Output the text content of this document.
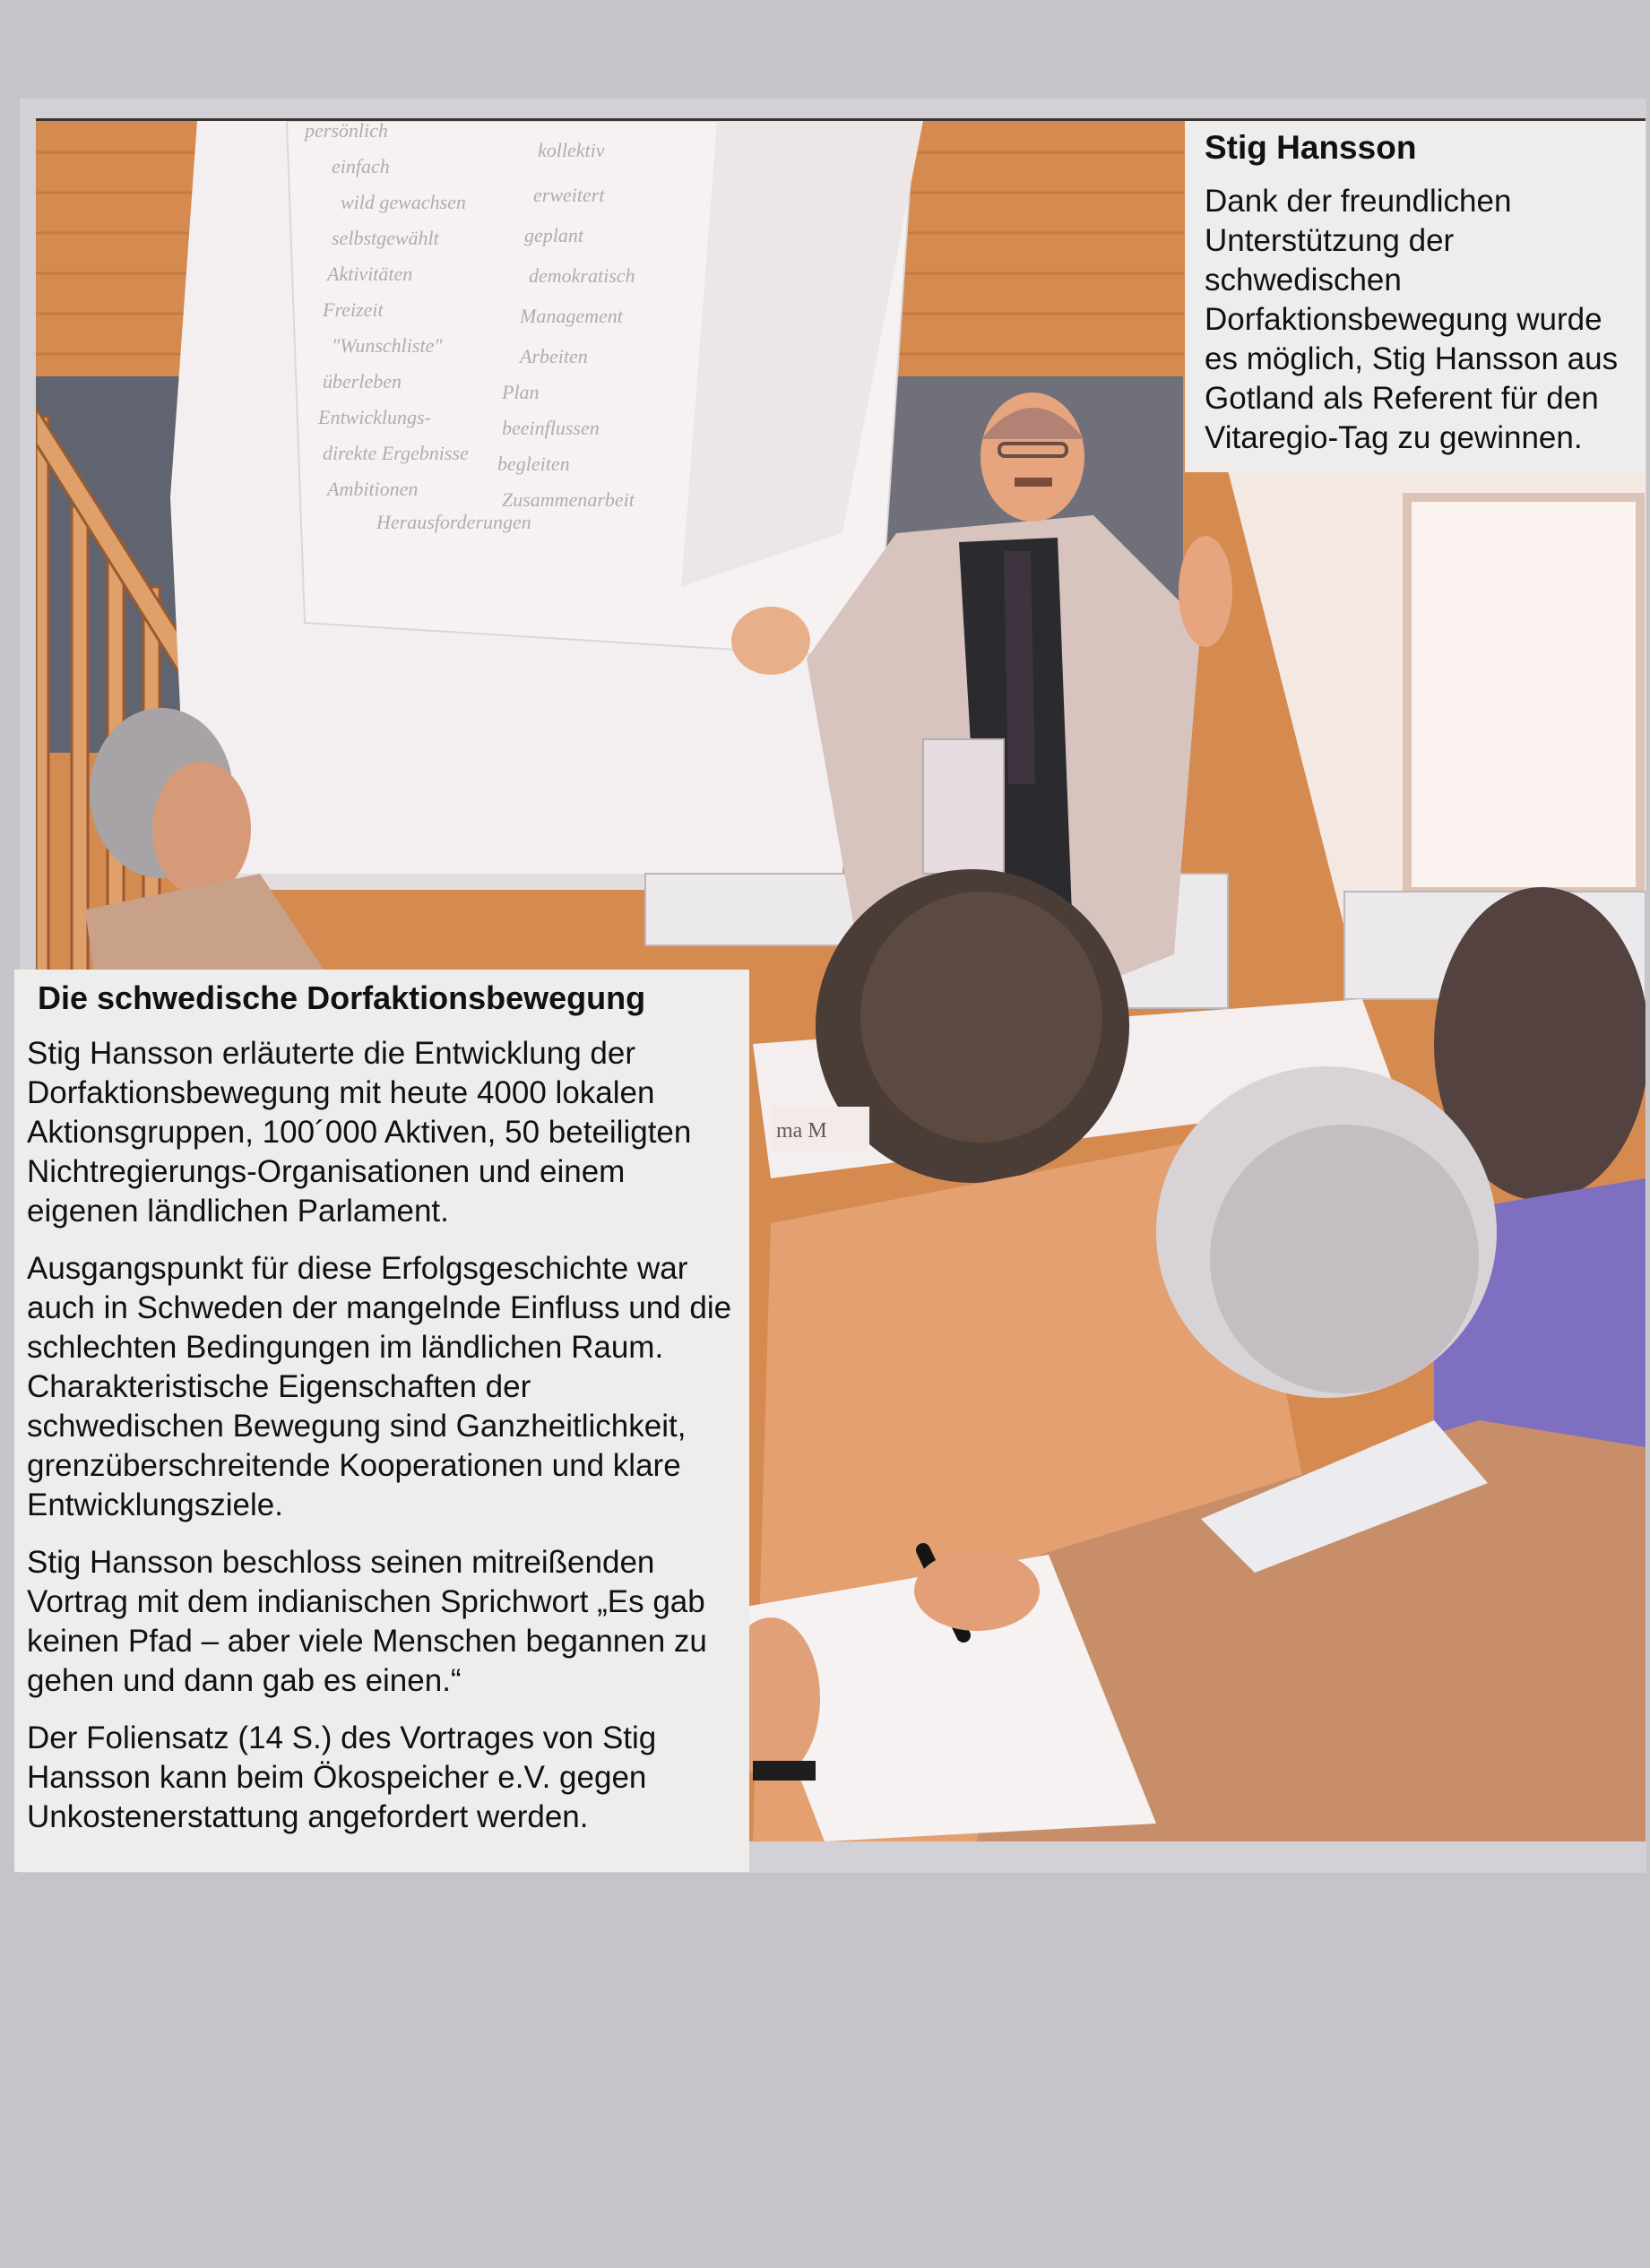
persönlich
einfach
wild gewachsen
selbstgewählt
Aktivitäten
Freizeit
"Wunschliste"
überleben
Entwicklungs-
direkte Ergebnisse
Ambitionen
Herausforderungen
kollektiv
erweitert
geplant
demokratisch
Management
Arbeiten
Plan
beeinflussen
begleiten
Zusammenarbeit
ma M
Stig Hansson

Dank der freundlichen Unterstützung der schwedischen Dorfaktionsbewegung wurde es möglich, Stig Hansson aus Gotland als Referent für den Vitaregio-Tag zu gewinnen.

Die schwedische Dorfaktionsbewegung

Stig Hansson erläuterte die Entwicklung der Dorfaktionsbewegung mit heute 4000 lokalen Aktionsgruppen, 100´000 Aktiven, 50 beteiligten Nichtregierungs-Organisationen und einem eigenen ländlichen Parlament.

Ausgangspunkt für diese Erfolgsgeschichte war auch in Schweden der mangelnde Einfluss und die schlechten Bedingungen im ländlichen Raum. Charakteristische Eigenschaften der schwedischen Bewegung sind Ganzheitlichkeit, grenzüberschreitende Kooperationen und klare Entwicklungsziele.

Stig Hansson beschloss seinen mitreißenden Vortrag mit dem indianischen Sprichwort „Es gab keinen Pfad – aber viele Menschen begannen zu gehen und dann gab es einen.“

Der Foliensatz (14 S.) des Vortrages von Stig Hansson kann beim Ökospeicher e.V. gegen Unkostenerstattung angefordert werden.
